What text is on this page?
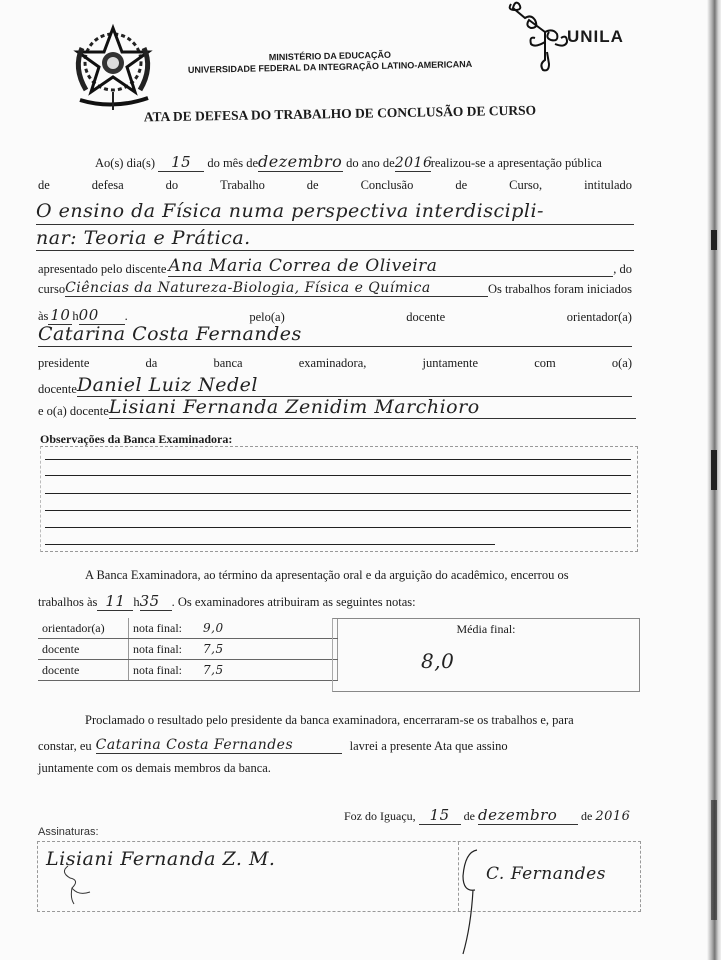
MINISTÉRIO DA EDUCAÇÃO
UNIVERSIDADE FEDERAL DA INTEGRAÇÃO LATINO-AMERICANA
UNILA
ATA DE DEFESA DO TRABALHO DE CONCLUSÃO DE CURSO
Ao(s) dia(s) 15 do mês dedezembro do ano de2016realizou-se a apresentação pública
de	defesa	do	Trabalho	de	Conclusão	de	Curso,	intitulado
O ensino da Física numa perspectiva interdiscipli-
nar: Teoria e Prática.
apresentado pelo discente Ana Maria Correa de Oliveira	, do
curso Ciências da Natureza-Biologia, Física e Química	Os trabalhos foram iniciados
às 10 h00 .	pelo(a)	docente	orientador(a)
Catarina Costa Fernandes
presidente	da	banca	examinadora,	juntamente	com	o(a)
docente Daniel Luiz Nedel
e o(a) docente Lisiani Fernanda Zenidim Marchioro
Observações da Banca Examinadora:
A Banca Examinadora, ao término da apresentação oral e da arguição do acadêmico, encerrou os
trabalhos às 11 h35 . Os examinadores atribuiram as seguintes notas:
orientador(a)	nota final:	9,0
docente	nota final:	7,5
docente	nota final:	7,5
Média final:
8,0
Proclamado o resultado pelo presidente da banca examinadora, encerraram-se os trabalhos e, para
constar, eu Catarina Costa Fernandes	lavrei a presente Ata que assino
juntamente com os demais membros da banca.
Foz do Iguaçu, 15 de dezembro de 2016
Assinaturas:
Lisiani Fernanda Z. M.
C. Fernandes
